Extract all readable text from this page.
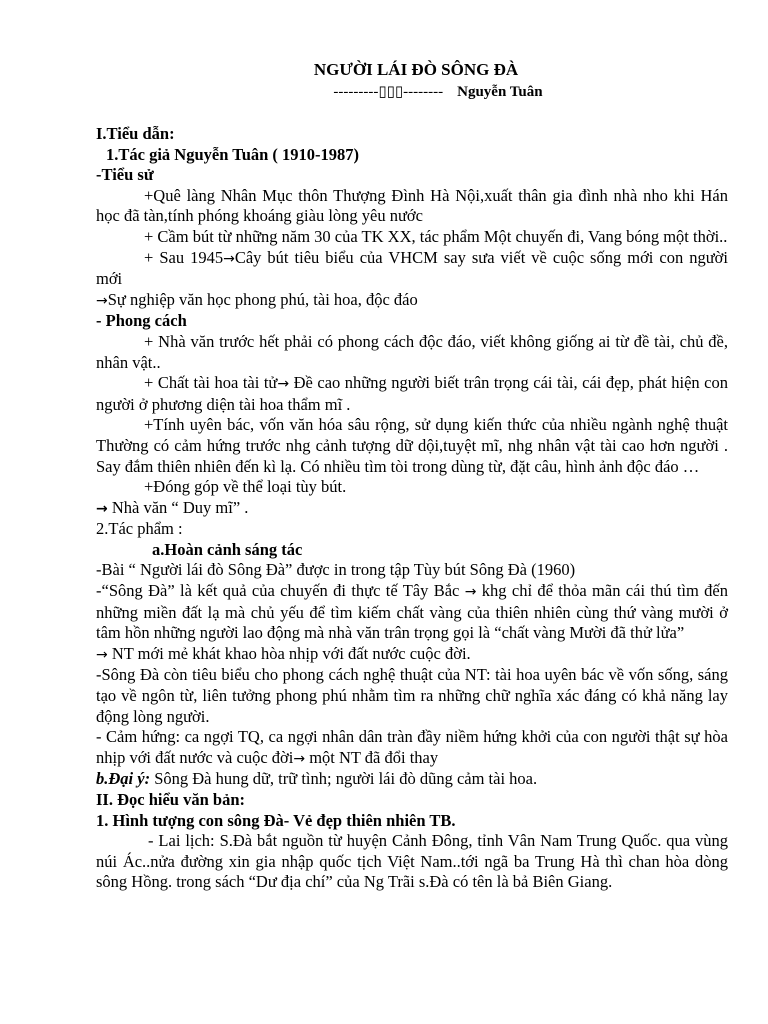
NGƯỜI LÁI ĐÒ SÔNG ĐÀ

---------▯▯▯-------- Nguyễn Tuân

I.Tiểu dẫn:

1.Tác giả Nguyễn Tuân ( 1910-1987)

-Tiểu sử

+Quê làng Nhân Mục thôn Thượng Đình Hà Nội,xuất thân gia đình nhà nho khi Hán học đã tàn,tính phóng khoáng giàu lòng yêu nước

+ Cầm bút từ những năm 30 của TK XX, tác phẩm Một chuyến đi, Vang bóng một thời..

+ Sau 1945→Cây bút tiêu biểu của VHCM say sưa viết về cuộc sống mới con người mới

→Sự nghiệp văn học phong phú, tài hoa, độc đáo

- Phong cách

+ Nhà văn trước hết phải có phong cách độc đáo, viết không giống ai từ đề tài, chủ đề, nhân vật..

+ Chất tài hoa tài tử→ Đề cao những người biết trân trọng cái tài, cái đẹp, phát hiện con người ở phương diện tài hoa thẩm mĩ .

+Tính uyên bác, vốn văn hóa sâu rộng, sử dụng kiến thức của nhiều ngành nghệ thuật Thường có cảm hứng trước nhg cảnh tượng dữ dội,tuyệt mĩ, nhg nhân vật tài cao hơn người . Say đắm thiên nhiên đến kì lạ. Có nhiều tìm tòi trong dùng từ, đặt câu, hình ảnh độc đáo …

+Đóng góp về thể loại tùy bút.

→ Nhà văn “ Duy mĩ” .

2.Tác phẩm :

a.Hoàn cảnh sáng tác

-Bài “ Người lái đò Sông Đà” được in trong tập Tùy bút Sông Đà (1960)

-“Sông Đà” là kết quả của chuyến đi thực tế Tây Bắc → khg chỉ để thỏa mãn cái thú tìm đến những miền đất lạ mà chủ yếu để tìm kiếm chất vàng của thiên nhiên cùng thứ vàng mười ở tâm hồn những người lao động mà nhà văn trân trọng gọi là “chất vàng Mười đã thử lửa”

→ NT mới mẻ khát khao hòa nhịp với đất nước cuộc đời.

-Sông Đà còn tiêu biểu cho phong cách nghệ thuật của NT: tài hoa uyên bác về vốn sống, sáng tạo về ngôn từ, liên tưởng phong phú nhằm tìm ra những chữ nghĩa xác đáng có khả năng lay động lòng người.

- Cảm hứng: ca ngợi TQ, ca ngợi nhân dân tràn đầy niềm hứng khởi của con người thật sự hòa nhịp với đất nước và cuộc đời→ một NT đã đổi thay

b.Đại ý: Sông Đà hung dữ, trữ tình; người lái đò dũng cảm tài hoa.

II. Đọc hiểu văn bản:

1. Hình tượng con sông Đà- Vẻ đẹp thiên nhiên TB.

- Lai lịch: S.Đà bắt nguồn từ huyện Cảnh Đông, tỉnh Vân Nam Trung Quốc. qua vùng núi Ác..nửa đường xin gia nhập quốc tịch Việt Nam..tới ngã ba Trung Hà thì chan hòa dòng sông Hồng. trong sách “Dư địa chí” của Ng Trãi s.Đà có tên là bả Biên Giang.
